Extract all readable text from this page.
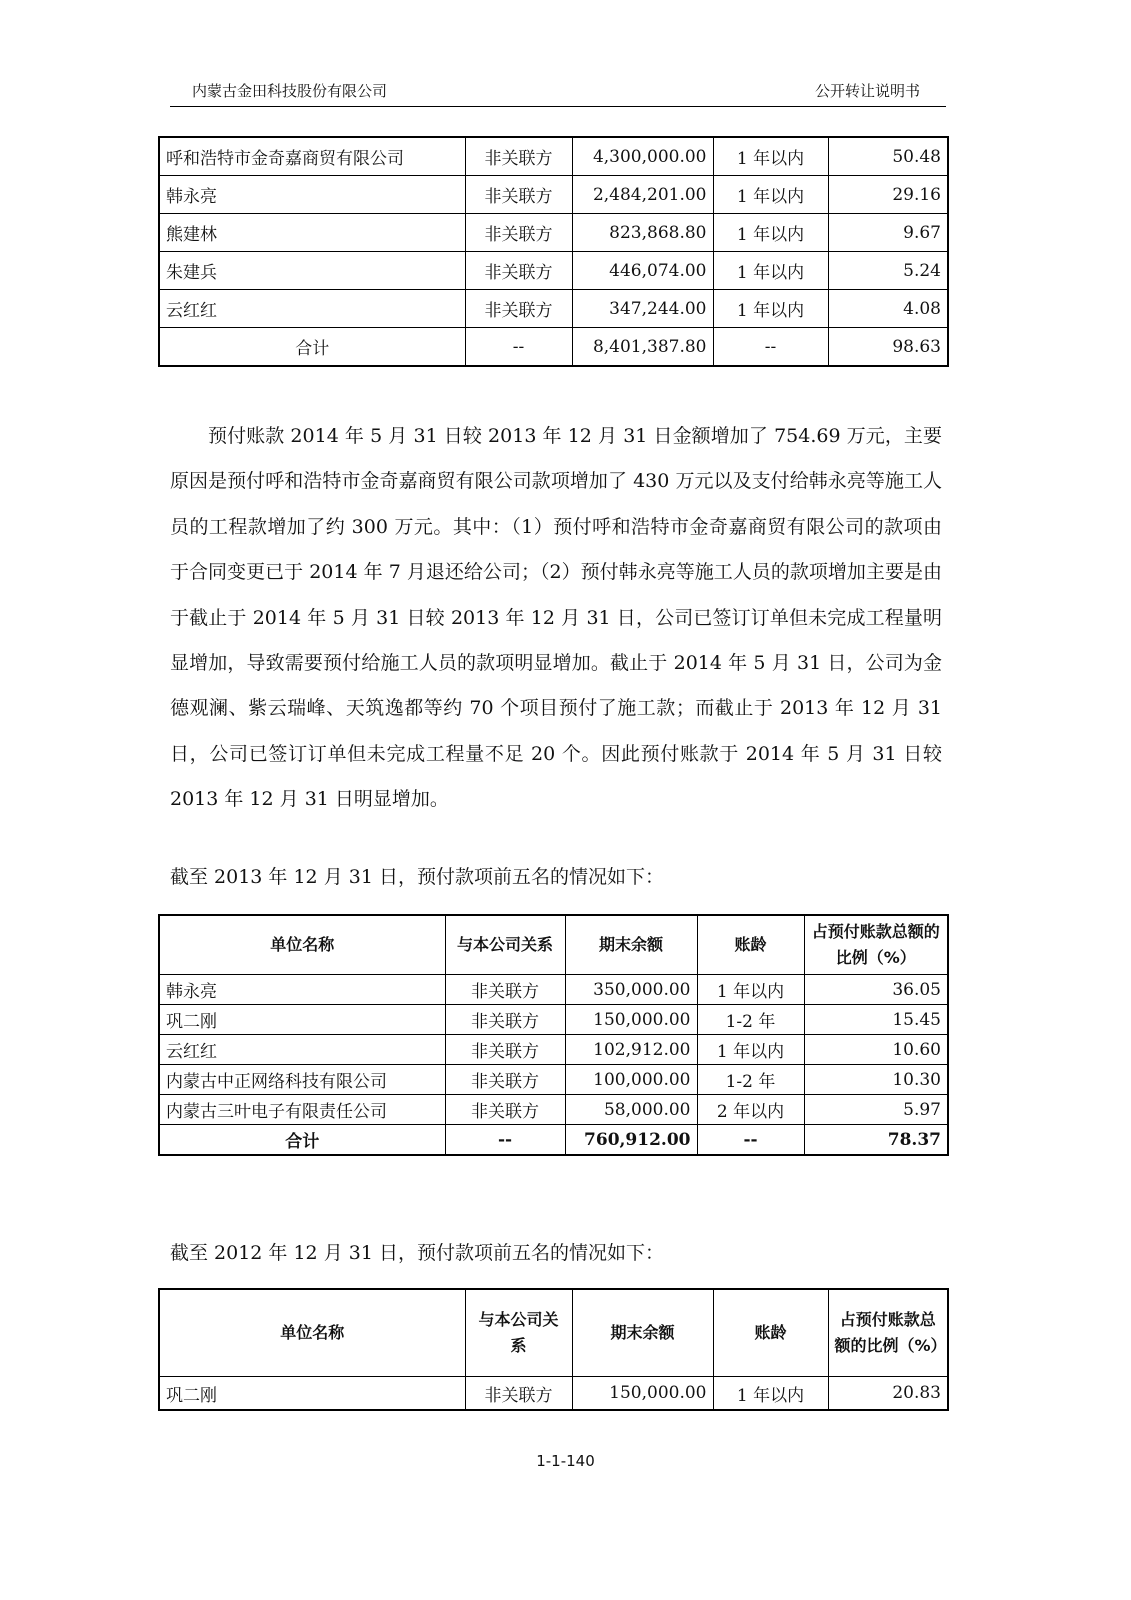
内蒙古金田科技股份有限公司	公开转让说明书
呼和浩特市金奇嘉商贸有限公司	非关联方	4,300,000.00	1 年以内	50.48
韩永亮	非关联方	2,484,201.00	1 年以内	29.16
熊建林	非关联方	823,868.80	1 年以内	9.67
朱建兵	非关联方	446,074.00	1 年以内	5.24
云红红	非关联方	347,244.00	1 年以内	4.08
合计	--	8,401,387.80	--	98.63
预付账款 2014 年 5 月 31 日较 2013 年 12 月 31 日金额增加了 754.69 万元，主要原因是预付呼和浩特市金奇嘉商贸有限公司款项增加了 430 万元以及支付给韩永亮等施工人员的工程款增加了约 300 万元。其中：（1）预付呼和浩特市金奇嘉商贸有限公司的款项由于合同变更已于 2014 年 7 月退还给公司；（2）预付韩永亮等施工人员的款项增加主要是由于截止于 2014 年 5 月 31 日较 2013 年 12 月 31 日，公司已签订订单但未完成工程量明显增加，导致需要预付给施工人员的款项明显增加。截止于 2014 年 5 月 31 日，公司为金德观澜、紫云瑞峰、天筑逸都等约 70 个项目预付了施工款；而截止于 2013 年 12 月 31 日，公司已签订订单但未完成工程量不足 20 个。因此预付账款于 2014 年 5 月 31 日较 2013 年 12 月 31 日明显增加。
截至 2013 年 12 月 31 日，预付款项前五名的情况如下：
单位名称	与本公司关系	期末余额	账龄	占预付账款总额的比例（%）
韩永亮	非关联方	350,000.00	1 年以内	36.05
巩二刚	非关联方	150,000.00	1-2 年	15.45
云红红	非关联方	102,912.00	1 年以内	10.60
内蒙古中正网络科技有限公司	非关联方	100,000.00	1-2 年	10.30
内蒙古三叶电子有限责任公司	非关联方	58,000.00	2 年以内	5.97
合计	--	760,912.00	--	78.37
截至 2012 年 12 月 31 日，预付款项前五名的情况如下：
单位名称	与本公司关系	期末余额	账龄	占预付账款总额的比例（%）
巩二刚	非关联方	150,000.00	1 年以内	20.83
1-1-140
